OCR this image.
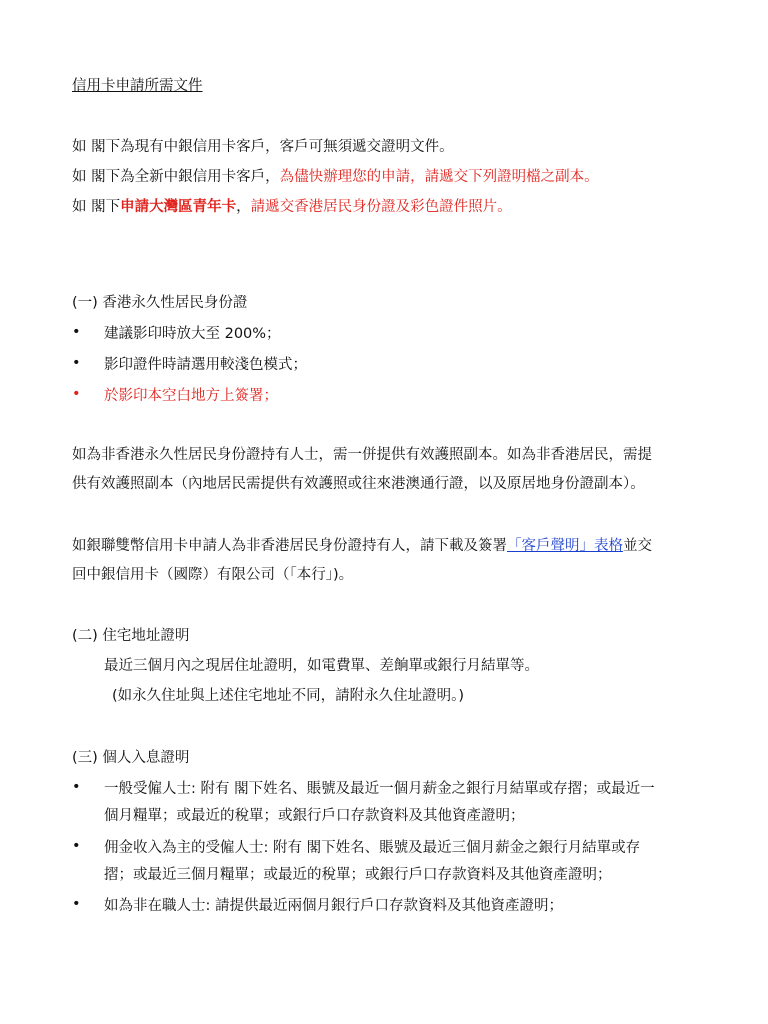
信用卡申請所需文件
如 閣下為現有中銀信用卡客戶，客戶可無須遞交證明文件。
如 閣下為全新中銀信用卡客戶，為儘快辦理您的申請，請遞交下列證明檔之副本。
如 閣下申請大灣區青年卡，請遞交香港居民身份證及彩色證件照片。
(一) 香港永久性居民身份證
•	建議影印時放大至 200%；
•	影印證件時請選用較淺色模式；
•	於影印本空白地方上簽署；
如為非香港永久性居民身份證持有人士，需一併提供有效護照副本。如為非香港居民，需提
供有效護照副本（內地居民需提供有效護照或往來港澳通行證，以及原居地身份證副本）。
如銀聯雙幣信用卡申請人為非香港居民身份證持有人，請下載及簽署「客戶聲明」表格並交
回中銀信用卡（國際）有限公司（「本行」)。
(二) 住宅地址證明
最近三個月內之現居住址證明，如電費單、差餉單或銀行月結單等。
(如永久住址與上述住宅地址不同，請附永久住址證明。)
(三) 個人入息證明
•	一般受僱人士: 附有 閣下姓名、賬號及最近一個月薪金之銀行月結單或存摺；或最近一
個月糧單；或最近的稅單；或銀行戶口存款資料及其他資產證明；
•	佣金收入為主的受僱人士: 附有 閣下姓名、賬號及最近三個月薪金之銀行月結單或存
摺；或最近三個月糧單；或最近的稅單；或銀行戶口存款資料及其他資產證明；
•	如為非在職人士: 請提供最近兩個月銀行戶口存款資料及其他資產證明；
